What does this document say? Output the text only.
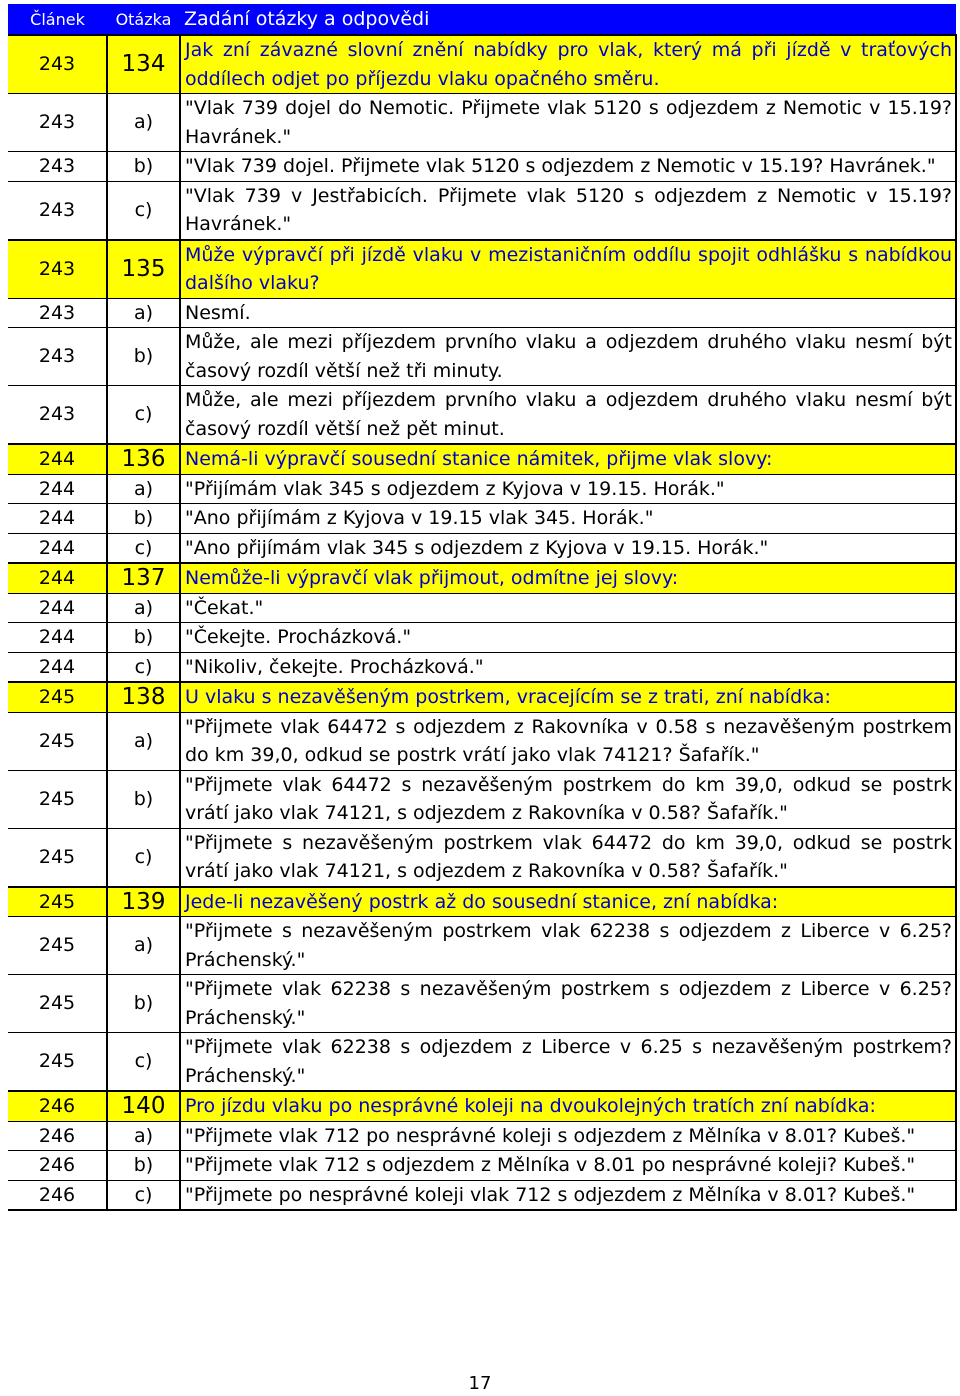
Článek	Otázka	Zadání otázky a odpovědi
243	134	Jak zní závazné slovní znění nabídky pro vlak, který má při jízdě v traťových oddílech odjet po příjezdu vlaku opačného směru.
243	a)	"Vlak 739 dojel do Nemotic. Přijmete vlak 5120 s odjezdem z Nemotic v 15.19? Havránek."
243	b)	"Vlak 739 dojel. Přijmete vlak 5120 s odjezdem z Nemotic v 15.19? Havránek."
243	c)	"Vlak 739 v Jestřabicích. Přijmete vlak 5120 s odjezdem z Nemotic v 15.19? Havránek."
243	135	Může výpravčí při jízdě vlaku v mezistaničním oddílu spojit odhlášku s nabídkou dalšího vlaku?
243	a)	Nesmí.
243	b)	Může, ale mezi příjezdem prvního vlaku a odjezdem druhého vlaku nesmí být časový rozdíl větší než tři minuty.
243	c)	Může, ale mezi příjezdem prvního vlaku a odjezdem druhého vlaku nesmí být časový rozdíl větší než pět minut.
244	136	Nemá-li výpravčí sousední stanice námitek, přijme vlak slovy:
244	a)	"Přijímám vlak 345 s odjezdem z Kyjova v 19.15. Horák."
244	b)	"Ano přijímám z Kyjova v 19.15 vlak 345. Horák."
244	c)	"Ano přijímám vlak 345 s odjezdem z Kyjova v 19.15. Horák."
244	137	Nemůže-li výpravčí vlak přijmout, odmítne jej slovy:
244	a)	"Čekat."
244	b)	"Čekejte. Procházková."
244	c)	"Nikoliv, čekejte. Procházková."
245	138	U vlaku s nezavěšeným postrkem, vracejícím se z trati, zní nabídka:
245	a)	"Přijmete vlak 64472 s odjezdem z Rakovníka v 0.58 s nezavěšeným postrkem do km 39,0, odkud se postrk vrátí jako vlak 74121? Šafařík."
245	b)	"Přijmete vlak 64472 s nezavěšeným postrkem do km 39,0, odkud se postrk vrátí jako vlak 74121, s odjezdem z Rakovníka v 0.58? Šafařík."
245	c)	"Přijmete s nezavěšeným postrkem vlak 64472 do km 39,0, odkud se postrk vrátí jako vlak 74121, s odjezdem z Rakovníka v 0.58? Šafařík."
245	139	Jede-li nezavěšený postrk až do sousední stanice, zní nabídka:
245	a)	"Přijmete s nezavěšeným postrkem vlak 62238 s odjezdem z Liberce v 6.25? Práchenský."
245	b)	"Přijmete vlak 62238 s nezavěšeným postrkem s odjezdem z Liberce v 6.25? Práchenský."
245	c)	"Přijmete vlak 62238 s odjezdem z Liberce v 6.25 s nezavěšeným postrkem? Práchenský."
246	140	Pro jízdu vlaku po nesprávné koleji na dvoukolejných tratích zní nabídka:
246	a)	"Přijmete vlak 712 po nesprávné koleji s odjezdem z Mělníka v 8.01? Kubeš."
246	b)	"Přijmete vlak 712 s odjezdem z Mělníka v 8.01 po nesprávné koleji? Kubeš."
246	c)	"Přijmete po nesprávné koleji vlak 712 s odjezdem z Mělníka v 8.01? Kubeš."
17
